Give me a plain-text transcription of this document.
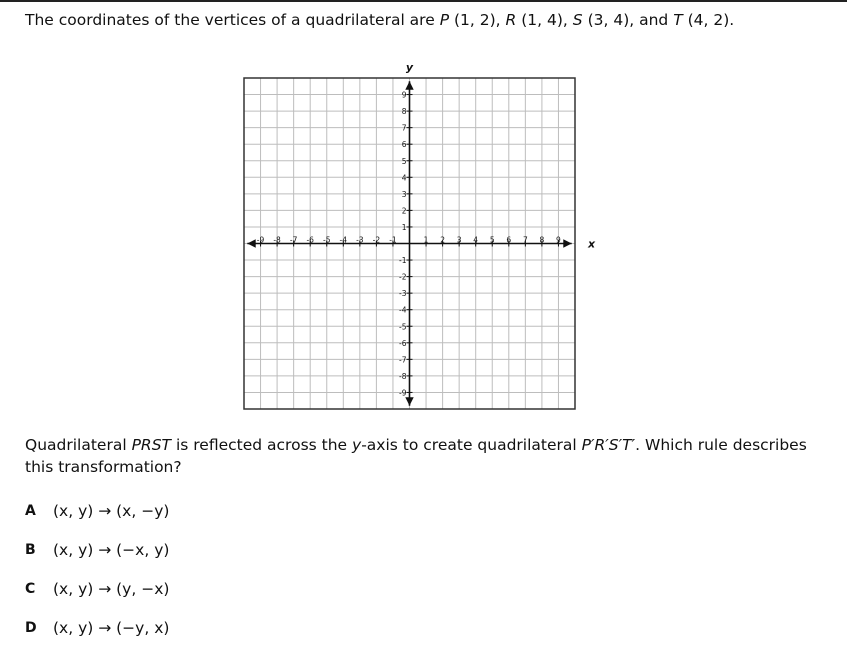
The coordinates of the vertices of a quadrilateral are P (1, 2), R (1, 4), S (3, 4), and T (4, 2).
x
y
-9 -8 -7 -6 -5 -4 -3 -2 -1	1 2 3 4 5 6 7 8 9
9
8
7
6
5
4
3
2
1
-1
-2
-3
-4
-5
-6
-7
-8
-9
Quadrilateral PRST is reflected across the y-axis to create quadrilateral P′R′S′T′. Which rule describes this transformation?
A	(x, y) → (x, −y)
B	(x, y) → (−x, y)
C	(x, y) → (y, −x)
D	(x, y) → (−y, x)
